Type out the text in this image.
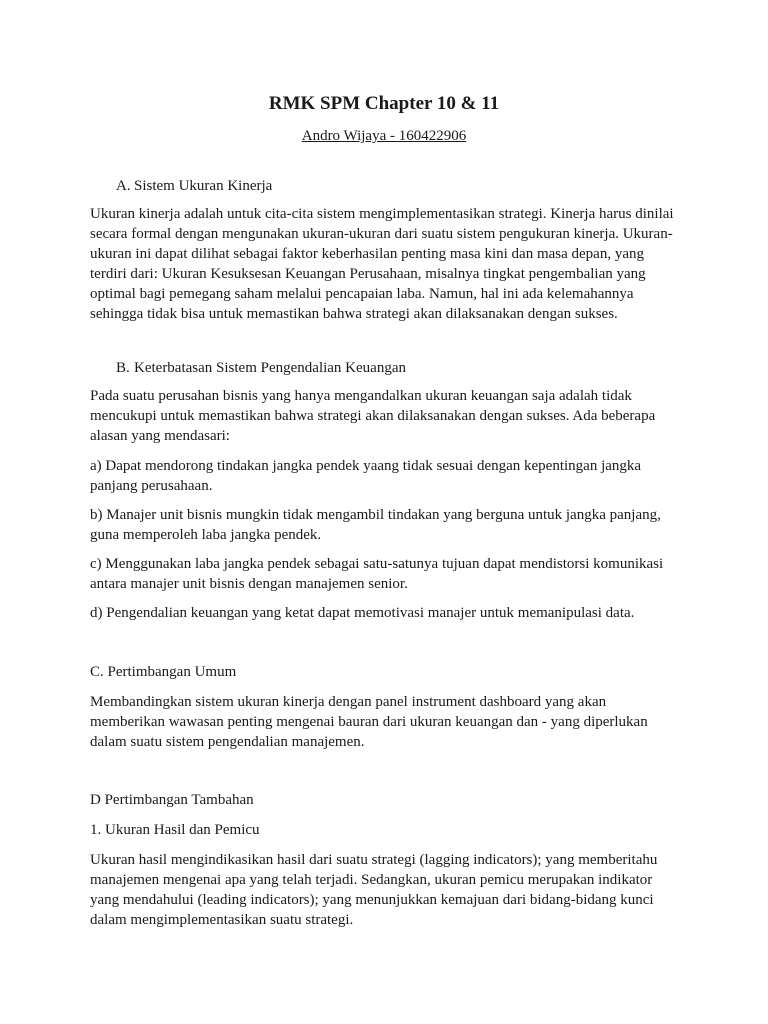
RMK SPM Chapter 10 & 11
Andro Wijaya - 160422906
A. Sistem Ukuran Kinerja
Ukuran kinerja adalah untuk cita-cita sistem mengimplementasikan strategi. Kinerja harus dinilai
secara formal dengan mengunakan ukuran-ukuran dari suatu sistem pengukuran kinerja. Ukuran-
ukuran ini dapat dilihat sebagai faktor keberhasilan penting masa kini dan masa depan, yang
terdiri dari: Ukuran Kesuksesan Keuangan Perusahaan, misalnya tingkat pengembalian yang
optimal bagi pemegang saham melalui pencapaian laba. Namun, hal ini ada kelemahannya
sehingga tidak bisa untuk memastikan bahwa strategi akan dilaksanakan dengan sukses.
B. Keterbatasan Sistem Pengendalian Keuangan
Pada suatu perusahan bisnis yang hanya mengandalkan ukuran keuangan saja adalah tidak
mencukupi untuk memastikan bahwa strategi akan dilaksanakan dengan sukses. Ada beberapa
alasan yang mendasari:
a) Dapat mendorong tindakan jangka pendek yaang tidak sesuai dengan kepentingan jangka
panjang perusahaan.
b) Manajer unit bisnis mungkin tidak mengambil tindakan yang berguna untuk jangka panjang,
guna memperoleh laba jangka pendek.
c) Menggunakan laba jangka pendek sebagai satu-satunya tujuan dapat mendistorsi komunikasi
antara manajer unit bisnis dengan manajemen senior.
d) Pengendalian keuangan yang ketat dapat memotivasi manajer untuk memanipulasi data.
C. Pertimbangan Umum
Membandingkan sistem ukuran kinerja dengan panel instrument dashboard yang akan
memberikan wawasan penting mengenai bauran dari ukuran keuangan dan - yang diperlukan
dalam suatu sistem pengendalian manajemen.
D Pertimbangan Tambahan
1. Ukuran Hasil dan Pemicu
Ukuran hasil mengindikasikan hasil dari suatu strategi (lagging indicators); yang memberitahu
manajemen mengenai apa yang telah terjadi. Sedangkan, ukuran pemicu merupakan indikator
yang mendahului (leading indicators); yang menunjukkan kemajuan dari bidang-bidang kunci
dalam mengimplementasikan suatu strategi.
